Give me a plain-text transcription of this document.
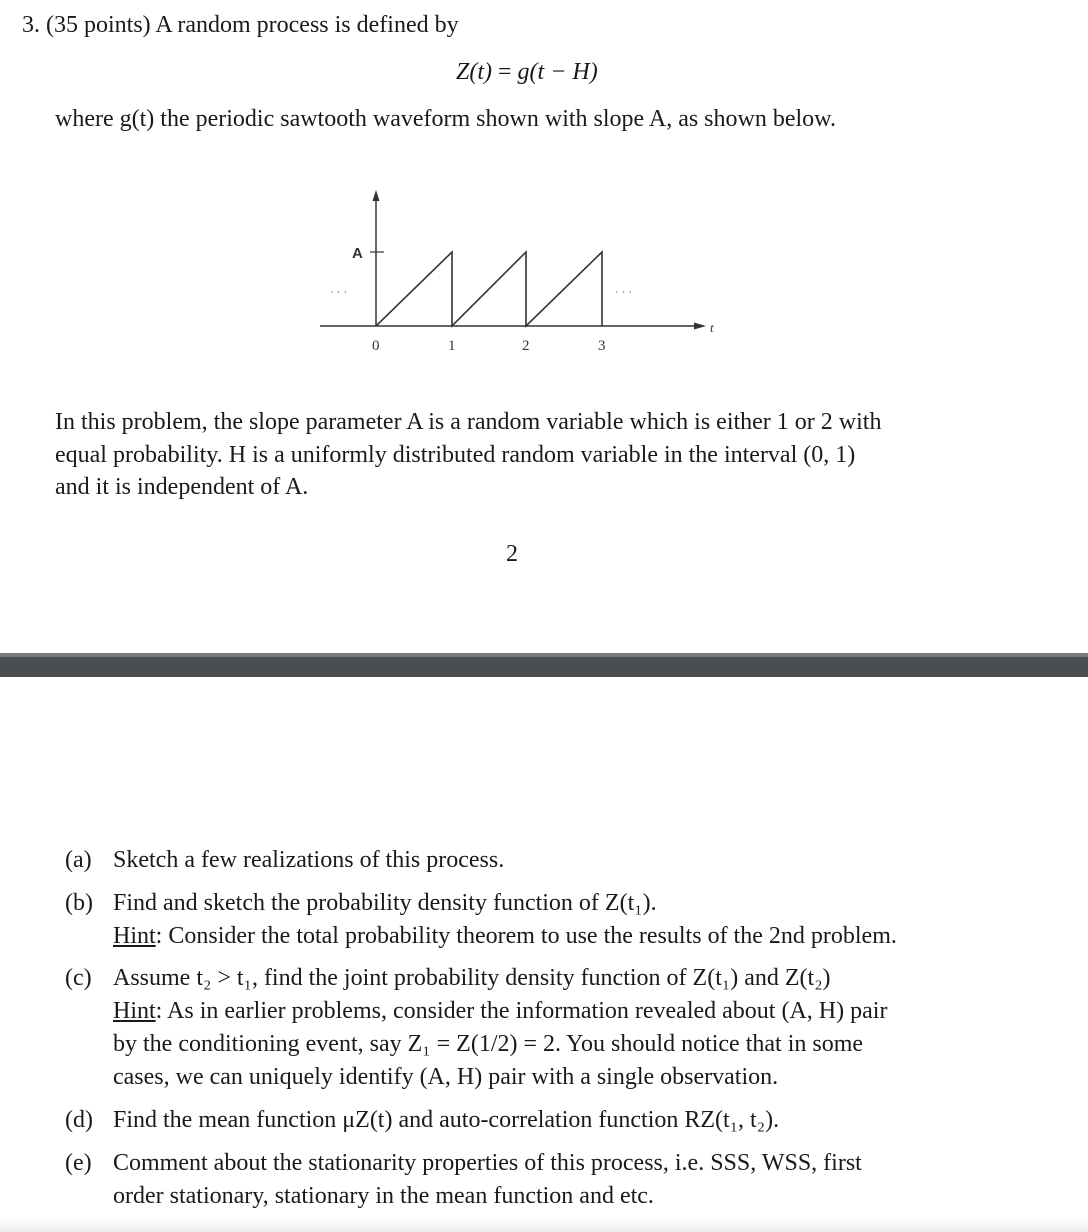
3. (35 points) A random process is defined by
Z(t) = g(t − H)
where g(t) the periodic sawtooth waveform shown with slope A, as shown below.
A
t
· · ·	· · ·
0	1	2	3
In this problem, the slope parameter A is a random variable which is either 1 or 2 with
equal probability. H is a uniformly distributed random variable in the interval (0, 1)
and it is independent of A.
2
(a) Sketch a few realizations of this process.
(b) Find and sketch the probability density function of Z(t₁).
Hint: Consider the total probability theorem to use the results of the 2nd problem.
(c) Assume t₂ > t₁, find the joint probability density function of Z(t₁) and Z(t₂)
Hint: As in earlier problems, consider the information revealed about (A, H) pair
by the conditioning event, say Z₁ = Z(1/2) = 2. You should notice that in some
cases, we can uniquely identify (A, H) pair with a single observation.
(d) Find the mean function μZ(t) and auto-correlation function RZ(t₁, t₂).
(e) Comment about the stationarity properties of this process, i.e. SSS, WSS, first
order stationary, stationary in the mean function and etc.
